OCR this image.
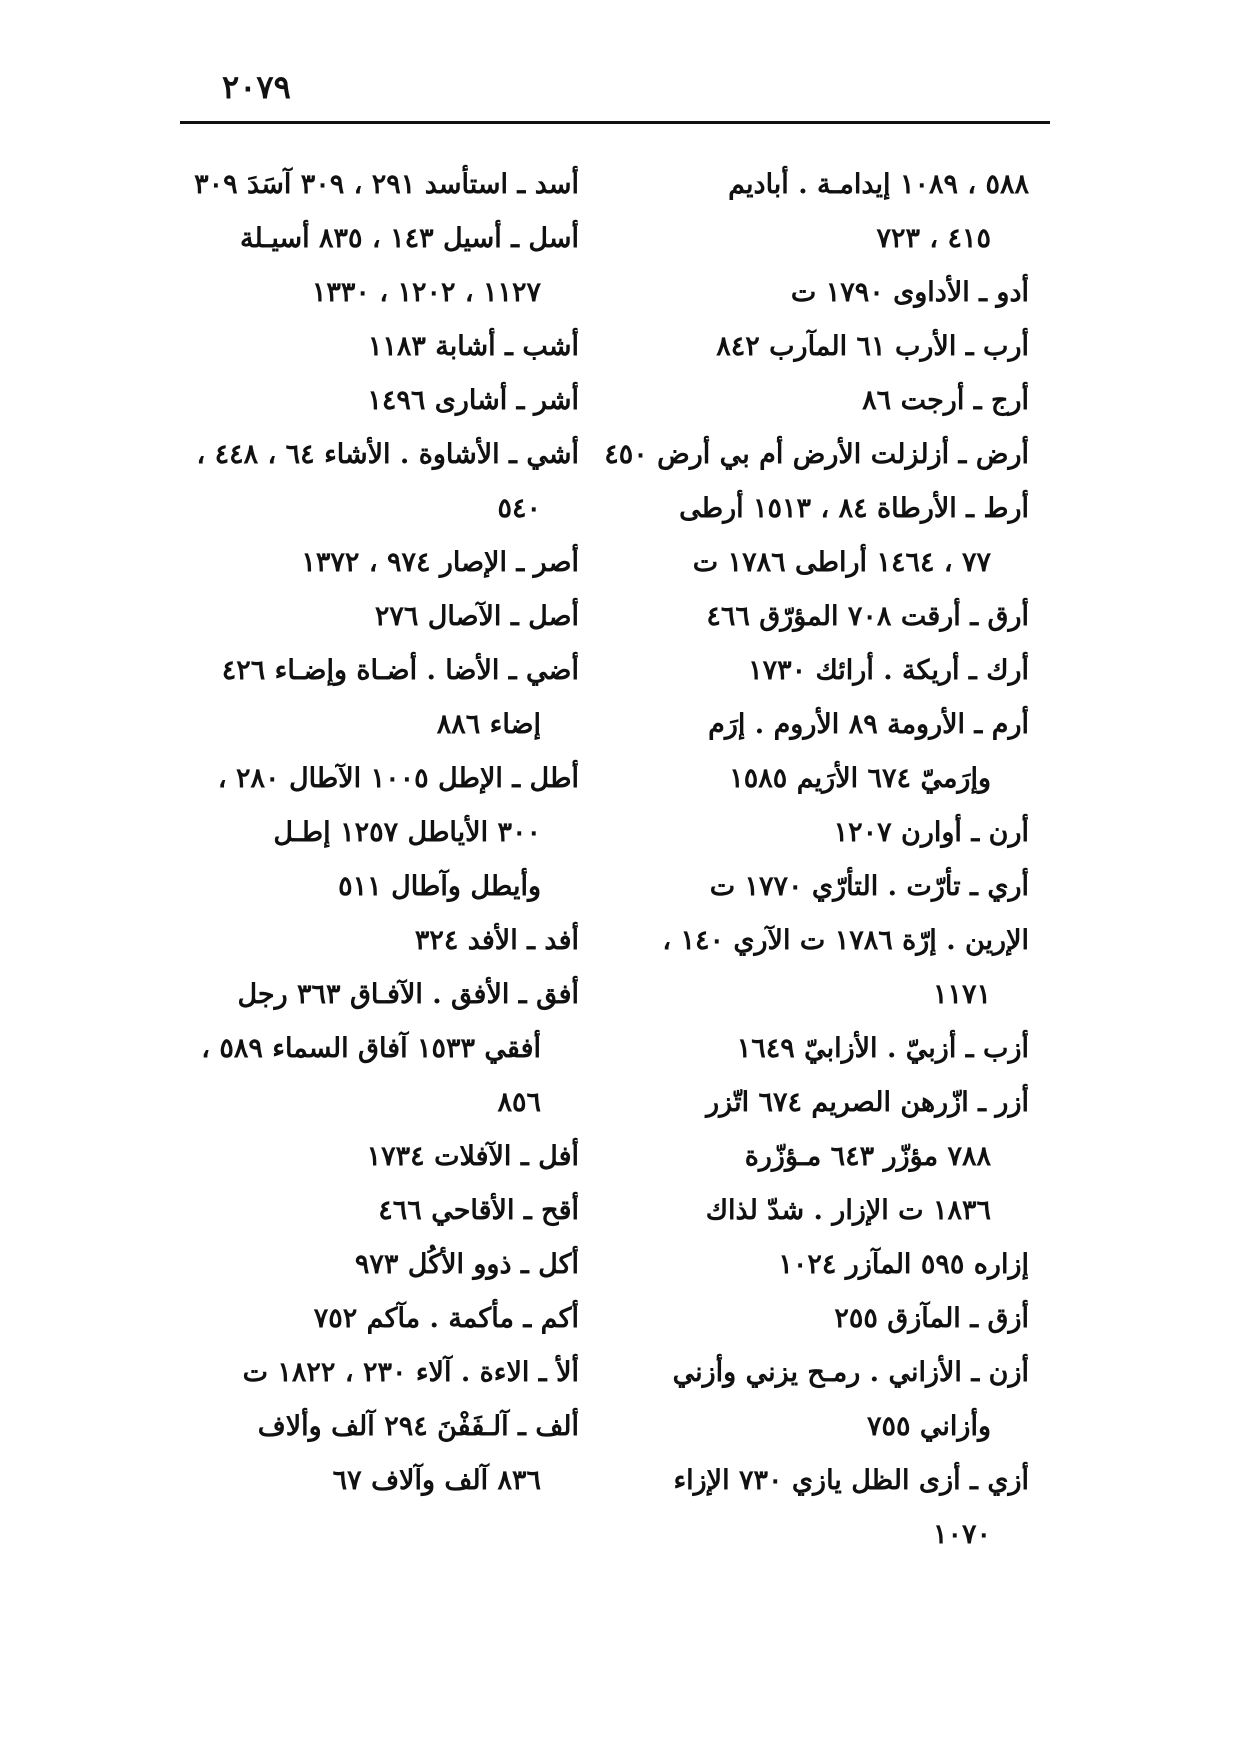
٢٠٧٩
٥٨٨ ، ١٠٨٩ إيدامـة . أباديم
٤١٥ ، ٧٢٣
أدو ـ الأداوى ١٧٩٠ ت
أرب ـ الأرب ٦١ المآرب ٨٤٢
أرج ـ أرجت ٨٦
أرض ـ أزلزلت الأرض أم بي أرض ٤٥٠
أرط ـ الأرطاة ٨٤ ، ١٥١٣ أرطى
٧٧ ، ١٤٦٤ أراطى ١٧٨٦ ت
أرق ـ أرقت ٧٠٨ المؤرّق ٤٦٦
أرك ـ أريكة . أرائك ١٧٣٠
أرم ـ الأرومة ٨٩ الأروم . إرَم
وإرَميّ ٦٧٤ الأرَيم ١٥٨٥
أرن ـ أوارن ١٢٠٧
أري ـ تأرّت . التأرّي ١٧٧٠ ت
الإرين . إرّة ١٧٨٦ ت الآري ١٤٠ ،
١١٧١
أزب ـ أزبيّ . الأزابيّ ١٦٤٩
أزر ـ ازّرهن الصريم ٦٧٤ اتّزر
٧٨٨ مؤزّر ٦٤٣ مـؤزّرة
١٨٣٦ ت الإزار . شدّ لذاك
إزاره ٥٩٥ المآزر ١٠٢٤
أزق ـ المآزق ٢٥٥
أزن ـ الأزاني . رمـح يزني وأزني
وأزاني ٧٥٥
أزي ـ أزى الظل يازي ٧٣٠ الإزاء
١٠٧٠
أسد ـ استأسد ٢٩١ ، ٣٠٩ آسَدَ ٣٠٩
أسل ـ أسيل ١٤٣ ، ٨٣٥ أسيـلة
١١٢٧ ، ١٢٠٢ ، ١٣٣٠
أشب ـ أشابة ١١٨٣
أشر ـ أشارى ١٤٩٦
أشي ـ الأشاوة . الأشاء ٦٤ ، ٤٤٨ ،
٥٤٠
أصر ـ الإصار ٩٧٤ ، ١٣٧٢
أصل ـ الآصال ٢٧٦
أضي ـ الأضا . أضـاة وإضـاء ٤٢٦
إضاء ٨٨٦
أطل ـ الإطل ١٠٠٥ الآطال ٢٨٠ ،
٣٠٠ الأياطل ١٢٥٧ إطـل
وأيطل وآطال ٥١١
أفد ـ الأفد ٣٢٤
أفق ـ الأفق . الآفـاق ٣٦٣ رجل
أفقي ١٥٣٣ آفاق السماء ٥٨٩ ،
٨٥٦
أفل ـ الآفلات ١٧٣٤
أقح ـ الأقاحي ٤٦٦
أكل ـ ذوو الأكُل ٩٧٣
أكم ـ مأكمة . مآكم ٧٥٢
ألأ ـ الاءة . آلاء ٢٣٠ ، ١٨٢٢ ت
ألف ـ آلـفَفْنَ ٢٩٤ آلف وألاف
٨٣٦ آلف وآلاف ٦٧
